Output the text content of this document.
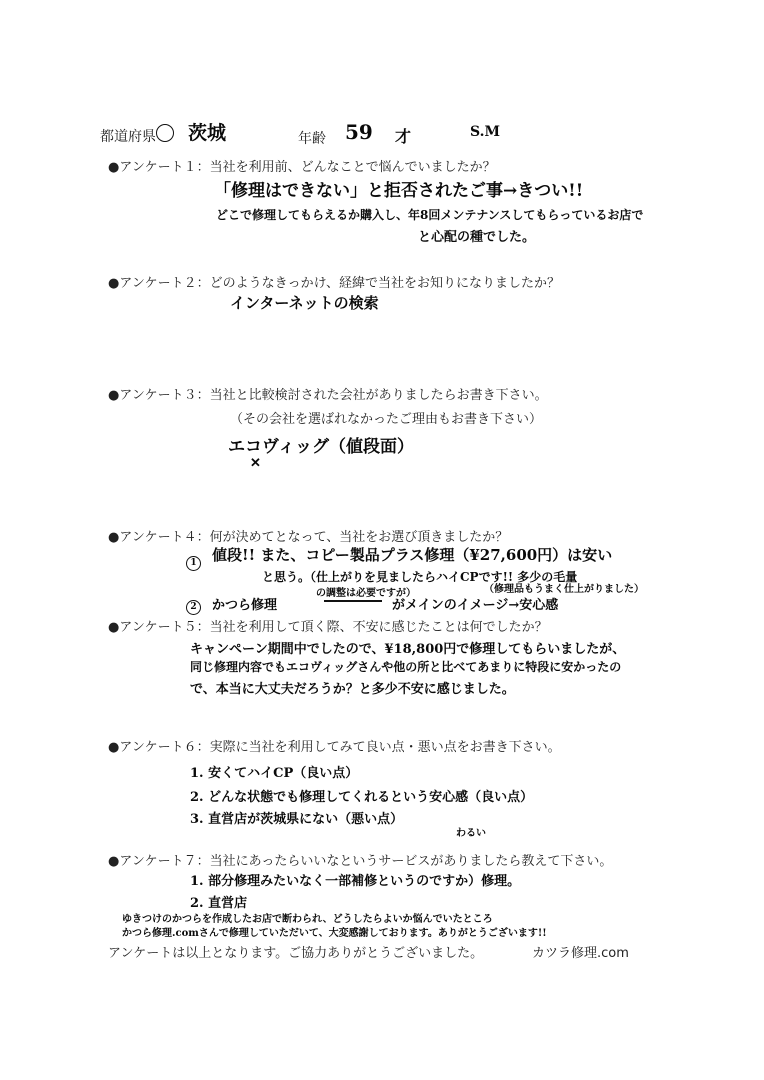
都道府県 茨城	年齢 59 才	S.M
●アンケート１：当社を利用前、どんなことで悩んでいましたか？
「修理はできない」と拒否されたご事→きつい!!
どこで修理してもらえるか購入し、年8回メンテナンスしてもらっているお店で
と心配の種でした。
●アンケート２：どのようなきっかけ、経緯で当社をお知りになりましたか？
インターネットの検索
●アンケート３：当社と比較検討された会社がありましたらお書き下さい。
（その会社を選ばれなかったご理由もお書き下さい）
エコヴィッグ（値段面）
✕
●アンケート４：何が決めてとなって、当社をお選び頂きましたか？
1 値段!! また、コピー製品プラス修理（¥27,600円）は安い
と思う。（仕上がりを見ましたらハイCPです!! 多少の毛量
の調整は必要ですが）	（修理品もうまく仕上がりました）
2	かつら修理	がメインのイメージ→安心感
●アンケート５：当社を利用して頂く際、不安に感じたことは何でしたか？
キャンペーン期間中でしたので、¥18,800円で修理してもらいましたが、
同じ修理内容でもエコヴィッグさんや他の所と比べてあまりに特段に安かったの
で、本当に大丈夫だろうか？と多少不安に感じました。
●アンケート６：実際に当社を利用してみて良い点・悪い点をお書き下さい。
1. 安くてハイCP（良い点）
2. どんな状態でも修理してくれるという安心感（良い点）
3. 直営店が茨城県にない（悪い点）
わるい
●アンケート７：当社にあったらいいなというサービスがありましたら教えて下さい。
1. 部分修理みたいなく一部補修というのですか）修理。
2. 直営店
ゆきつけのかつらを作成したお店で断わられ、どうしたらよいか悩んでいたところ
かつら修理.comさんで修理していただいて、大変感謝しております。ありがとうございます!!
アンケートは以上となります。ご協力ありがとうございました。	カツラ修理.com
